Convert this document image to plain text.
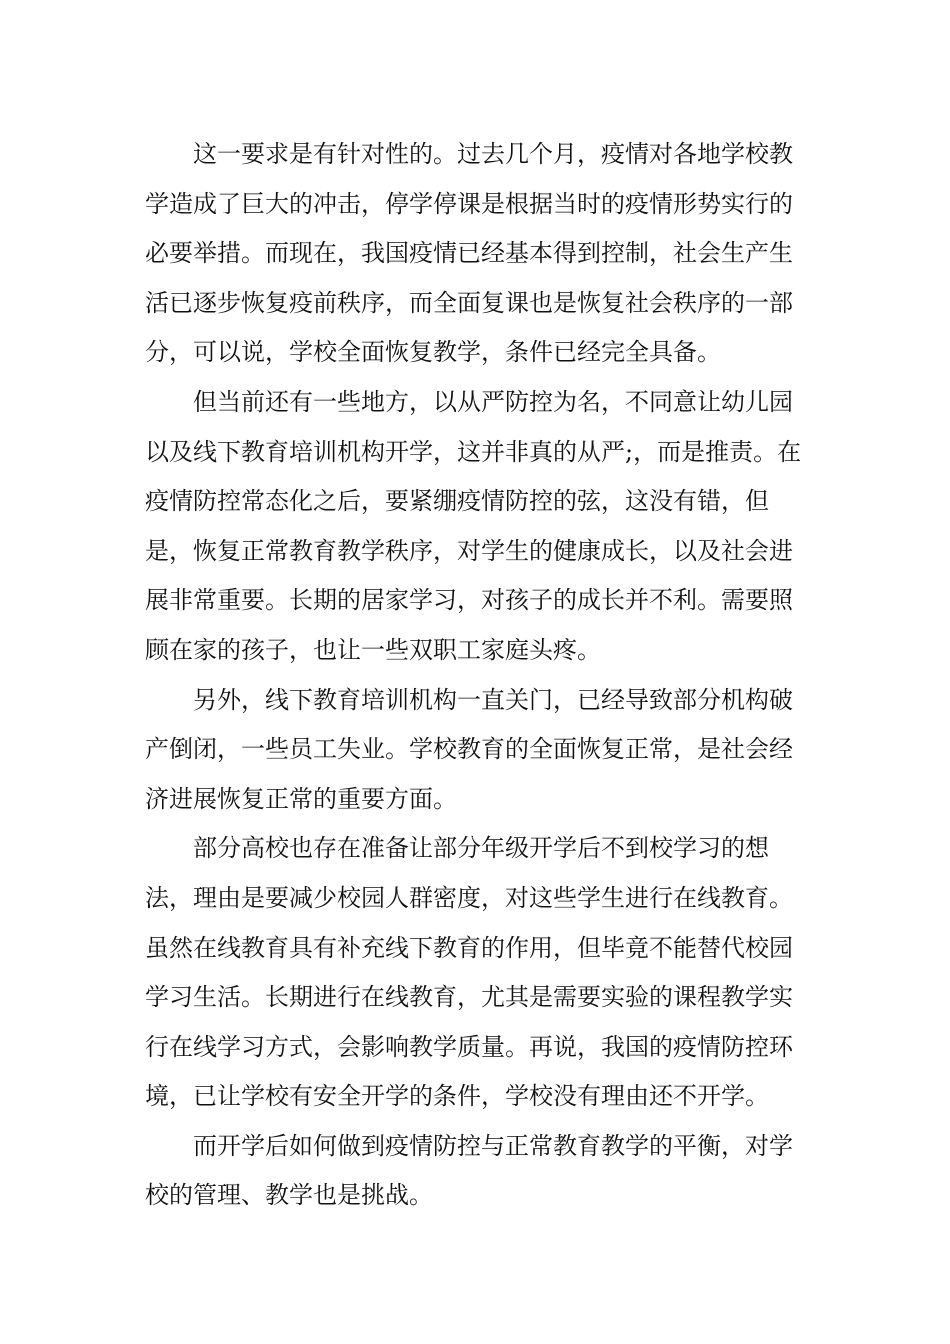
这一要求是有针对性的。过去几个月，疫情对各地学校教学造成了巨大的冲击，停学停课是根据当时的疫情形势实行的必要举措。而现在，我国疫情已经基本得到控制，社会生产生活已逐步恢复疫前秩序，而全面复课也是恢复社会秩序的一部分，可以说，学校全面恢复教学，条件已经完全具备。

但当前还有一些地方，以从严防控为名，不同意让幼儿园以及线下教育培训机构开学，这并非真的从严;，而是推责。在疫情防控常态化之后，要紧绷疫情防控的弦，这没有错，但是，恢复正常教育教学秩序，对学生的健康成长，以及社会进展非常重要。长期的居家学习，对孩子的成长并不利。需要照顾在家的孩子，也让一些双职工家庭头疼。

另外，线下教育培训机构一直关门，已经导致部分机构破产倒闭，一些员工失业。学校教育的全面恢复正常，是社会经济进展恢复正常的重要方面。

部分高校也存在准备让部分年级开学后不到校学习的想法，理由是要减少校园人群密度，对这些学生进行在线教育。虽然在线教育具有补充线下教育的作用，但毕竟不能替代校园学习生活。长期进行在线教育，尤其是需要实验的课程教学实行在线学习方式，会影响教学质量。再说，我国的疫情防控环境，已让学校有安全开学的条件，学校没有理由还不开学。

而开学后如何做到疫情防控与正常教育教学的平衡，对学校的管理、教学也是挑战。
